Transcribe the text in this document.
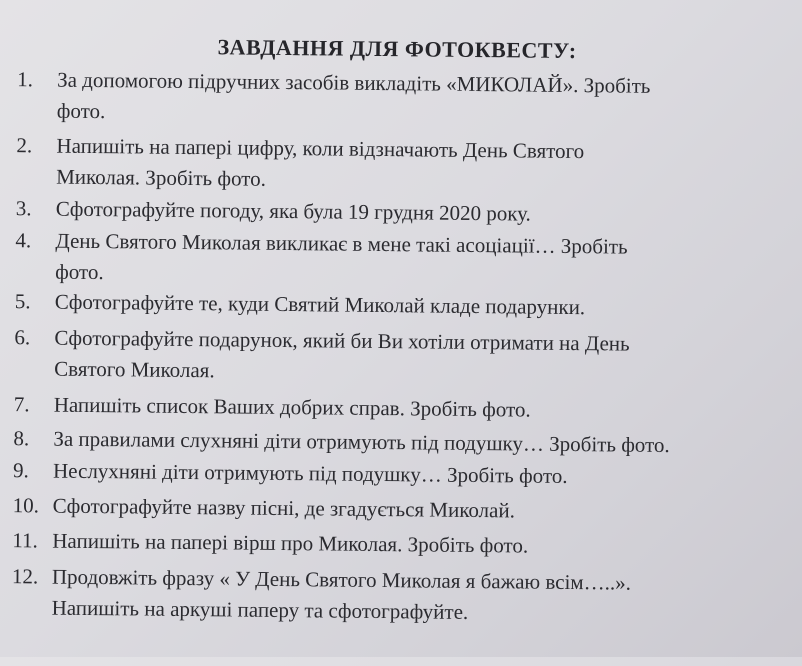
ЗАВДАННЯ ДЛЯ ФОТОКВЕСТУ:
1. За допомогою підручних засобів викладіть «МИКОЛАЙ». Зробіть
фото.
2. Напишіть на папері цифру, коли відзначають День Святого
Миколая. Зробіть фото.
3. Сфотографуйте погоду, яка була 19 грудня 2020 року.
4. День Святого Миколая викликає в мене такі асоціації… Зробіть
фото.
5. Сфотографуйте те, куди Святий Миколай кладе подарунки.
6. Сфотографуйте подарунок, який би Ви хотіли отримати на День
Святого Миколая.
7. Напишіть список Ваших добрих справ. Зробіть фото.
8. За правилами слухняні діти отримують під подушку… Зробіть фото.
9. Неслухняні діти отримують під подушку… Зробіть фото.
10. Сфотографуйте назву пісні, де згадується Миколай.
11. Напишіть на папері вірш про Миколая. Зробіть фото.
12. Продовжіть фразу « У День Святого Миколая я бажаю всім…..».
Напишіть на аркуші паперу та сфотографуйте.
